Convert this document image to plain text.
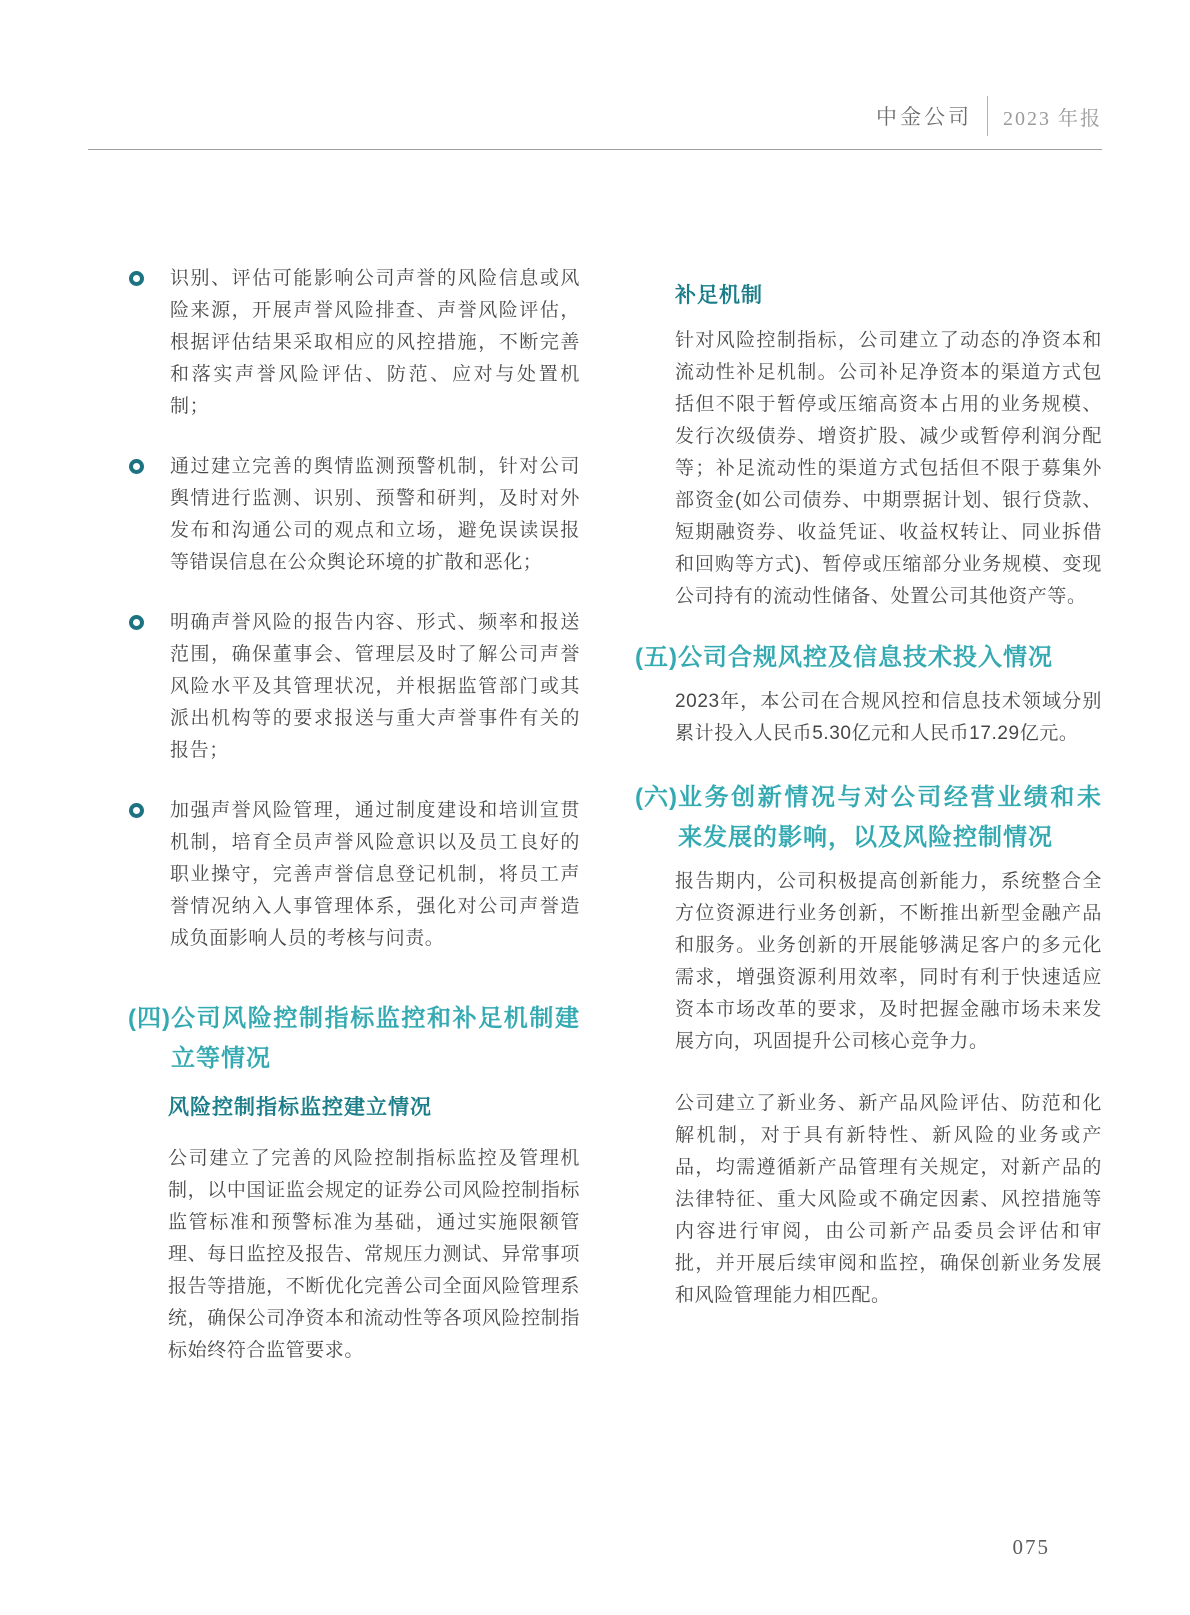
中金公司 2023 年报

识别、评估可能影响公司声誉的风险信息或风险来源，开展声誉风险排查、声誉风险评估，根据评估结果采取相应的风控措施，不断完善和落实声誉风险评估、防范、应对与处置机制；

通过建立完善的舆情监测预警机制，针对公司舆情进行监测、识别、预警和研判，及时对外发布和沟通公司的观点和立场，避免误读误报等错误信息在公众舆论环境的扩散和恶化；

明确声誉风险的报告内容、形式、频率和报送范围，确保董事会、管理层及时了解公司声誉风险水平及其管理状况，并根据监管部门或其派出机构等的要求报送与重大声誉事件有关的报告；

加强声誉风险管理，通过制度建设和培训宣贯机制，培育全员声誉风险意识以及员工良好的职业操守，完善声誉信息登记机制，将员工声誉情况纳入人事管理体系，强化对公司声誉造成负面影响人员的考核与问责。

(四) 公司风险控制指标监控和补足机制建立等情况
风险控制指标监控建立情况

公司建立了完善的风险控制指标监控及管理机制，以中国证监会规定的证券公司风险控制指标监管标准和预警标准为基础，通过实施限额管理、每日监控及报告、常规压力测试、异常事项报告等措施，不断优化完善公司全面风险管理系统，确保公司净资本和流动性等各项风险控制指标始终符合监管要求。

补足机制

针对风险控制指标，公司建立了动态的净资本和流动性补足机制。公司补足净资本的渠道方式包括但不限于暂停或压缩高资本占用的业务规模、发行次级债券、增资扩股、减少或暂停利润分配等；补足流动性的渠道方式包括但不限于募集外部资金(如公司债券、中期票据计划、银行贷款、短期融资券、收益凭证、收益权转让、同业拆借和回购等方式)、暂停或压缩部分业务规模、变现公司持有的流动性储备、处置公司其他资产等。

(五) 公司合规风控及信息技术投入情况

2023年，本公司在合规风控和信息技术领域分别累计投入人民币5.30亿元和人民币17.29亿元。

(六) 业务创新情况与对公司经营业绩和未来发展的影响，以及风险控制情况

报告期内，公司积极提高创新能力，系统整合全方位资源进行业务创新，不断推出新型金融产品和服务。业务创新的开展能够满足客户的多元化需求，增强资源利用效率，同时有利于快速适应资本市场改革的要求，及时把握金融市场未来发展方向，巩固提升公司核心竞争力。

公司建立了新业务、新产品风险评估、防范和化解机制，对于具有新特性、新风险的业务或产品，均需遵循新产品管理有关规定，对新产品的法律特征、重大风险或不确定因素、风控措施等内容进行审阅，由公司新产品委员会评估和审批，并开展后续审阅和监控，确保创新业务发展和风险管理能力相匹配。

075
